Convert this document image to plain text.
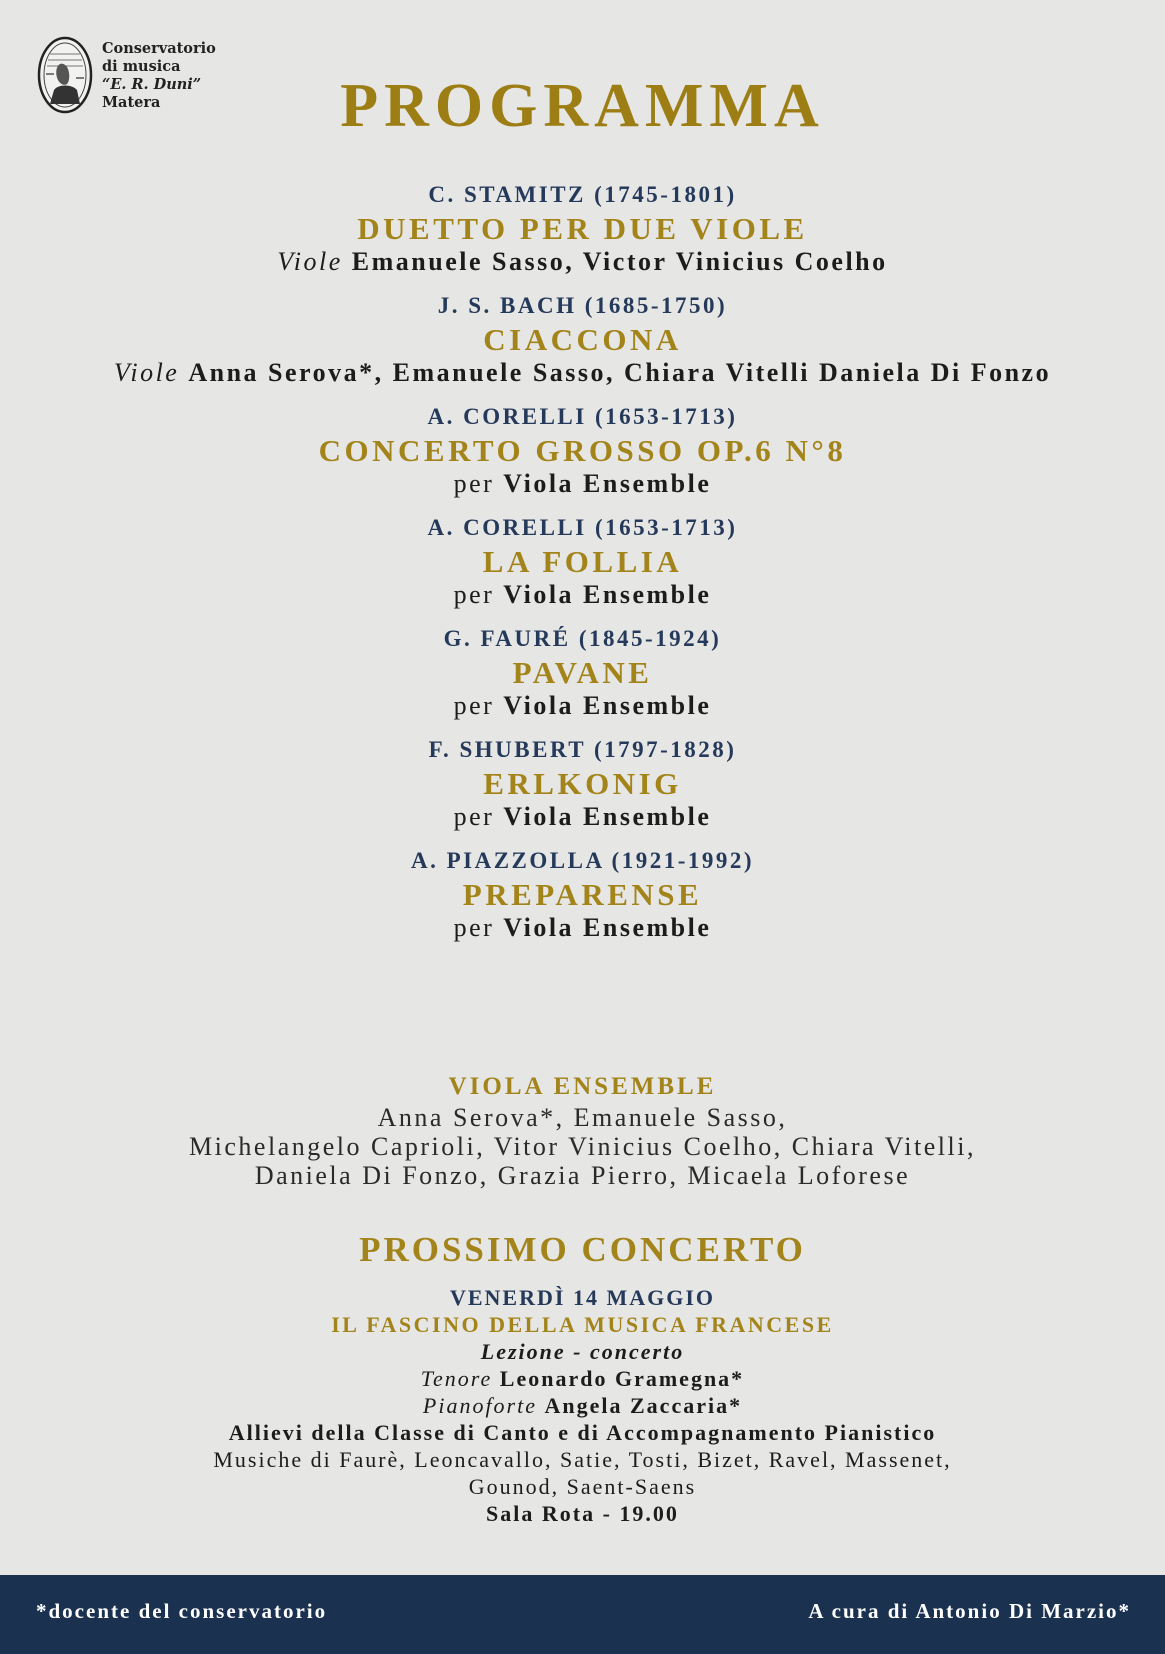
Conservatorio
di musica
“E. R. Duni”
Matera	PROGRAMMA
C. STAMITZ (1745-1801)
DUETTO PER DUE VIOLE
Viole Emanuele Sasso, Victor Vinicius Coelho
J. S. BACH (1685-1750)
CIACCONA
Viole Anna Serova*, Emanuele Sasso, Chiara Vitelli Daniela Di Fonzo
A. CORELLI (1653-1713)
CONCERTO GROSSO OP.6 N°8
per Viola Ensemble
A. CORELLI (1653-1713)
LA FOLLIA
per Viola Ensemble
G. FAURÉ (1845-1924)
PAVANE
per Viola Ensemble
F. SHUBERT (1797-1828)
ERLKONIG
per Viola Ensemble
A. PIAZZOLLA (1921-1992)
PREPARENSE
per Viola Ensemble
VIOLA ENSEMBLE
Anna Serova*, Emanuele Sasso,
Michelangelo Caprioli, Vitor Vinicius Coelho, Chiara Vitelli,
Daniela Di Fonzo, Grazia Pierro, Micaela Loforese
PROSSIMO CONCERTO
VENERDÌ 14 MAGGIO
IL FASCINO DELLA MUSICA FRANCESE
Lezione - concerto
Tenore Leonardo Gramegna*
Pianoforte Angela Zaccaria*
Allievi della Classe di Canto e di Accompagnamento Pianistico
Musiche di Faurè, Leoncavallo, Satie, Tosti, Bizet, Ravel, Massenet,
Gounod, Saent-Saens
Sala Rota - 19.00
*docente del conservatorio	A cura di Antonio Di Marzio*
